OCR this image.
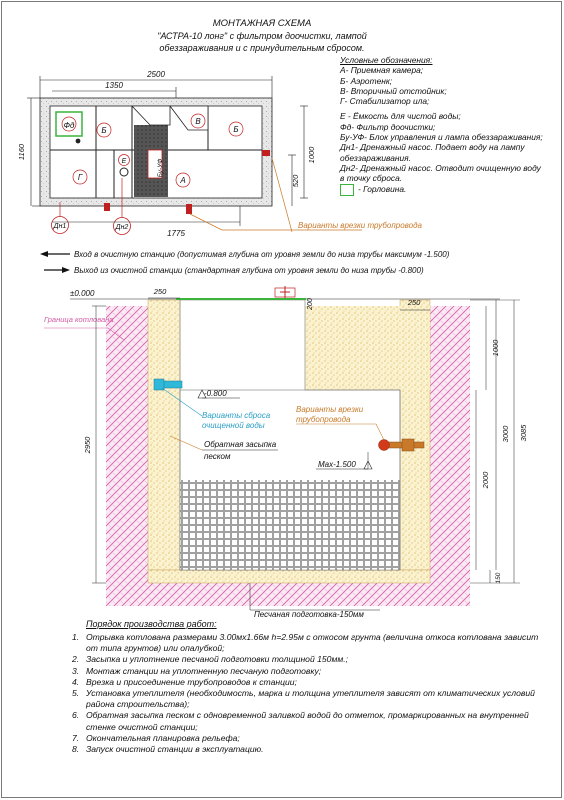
МОНТАЖНАЯ СХЕМА
"АСТРА-10 лонг" с фильтром доочистки, лампой
обеззараживания и с принудительным сбросом.
2500
1350
Фд
Б
В
Б
Е	Бу-УФ
Г	А
Дн1	Дн2
1160	1000
520
1775
Варианты врезки трубопровода
Вход в очистную станцию (допустимая глубина от уровня земли до низа трубы максимум -1.500)
Выход из очистной станции (стандартная глубина от уровня земли до низа трубы -0.800)
±0.000	250
200	250
Граница котлована
-0.800
Варианты сброса очищенной воды
Варианты врезки трубопровода
Обратная засыпка песком
Max-1.500
1000
3000 3085
2000
150
2950
Песчаная подготовка-150мм
Условные обозначения:
А- Приемная камера;
Б- Аэротенк;
В- Вторичный отстойник;
Г- Стабилизатор ила;
Е - Ёмкость для чистой воды;
Фд- Фильтр доочистки;
Бу-УФ- Блок управления и лампа обеззараживания;
Дн1- Дренажный насос. Подает воду на лампу обеззараживания.
Дн2- Дренажный насос. Отводит очищенную воду в точку сброса.
- Горловина.
Порядок производства работ:
1. Отрывка котлована размерами 3.00мх1.66м h=2.95м с откосом грунта (величина откоса котлована зависит от типа грунтов) или опалубкой;
2. Засыпка и уплотнение песчаной подготовки толщиной 150мм.;
3. Монтаж станции на уплотненную песчаную подготовку;
4. Врезка и присоединение трубопроводов к станции;
5. Установка утеплителя (необходимость, марка и толщина утеплителя зависят от климатических условий района строительства);
6. Обратная засыпка песком с одновременной заливкой водой до отметок, промаркированных на внутренней стенке очистной станции;
7. Окончательная планировка рельефа;
8. Запуск очистной станции в эксплуатацию.
